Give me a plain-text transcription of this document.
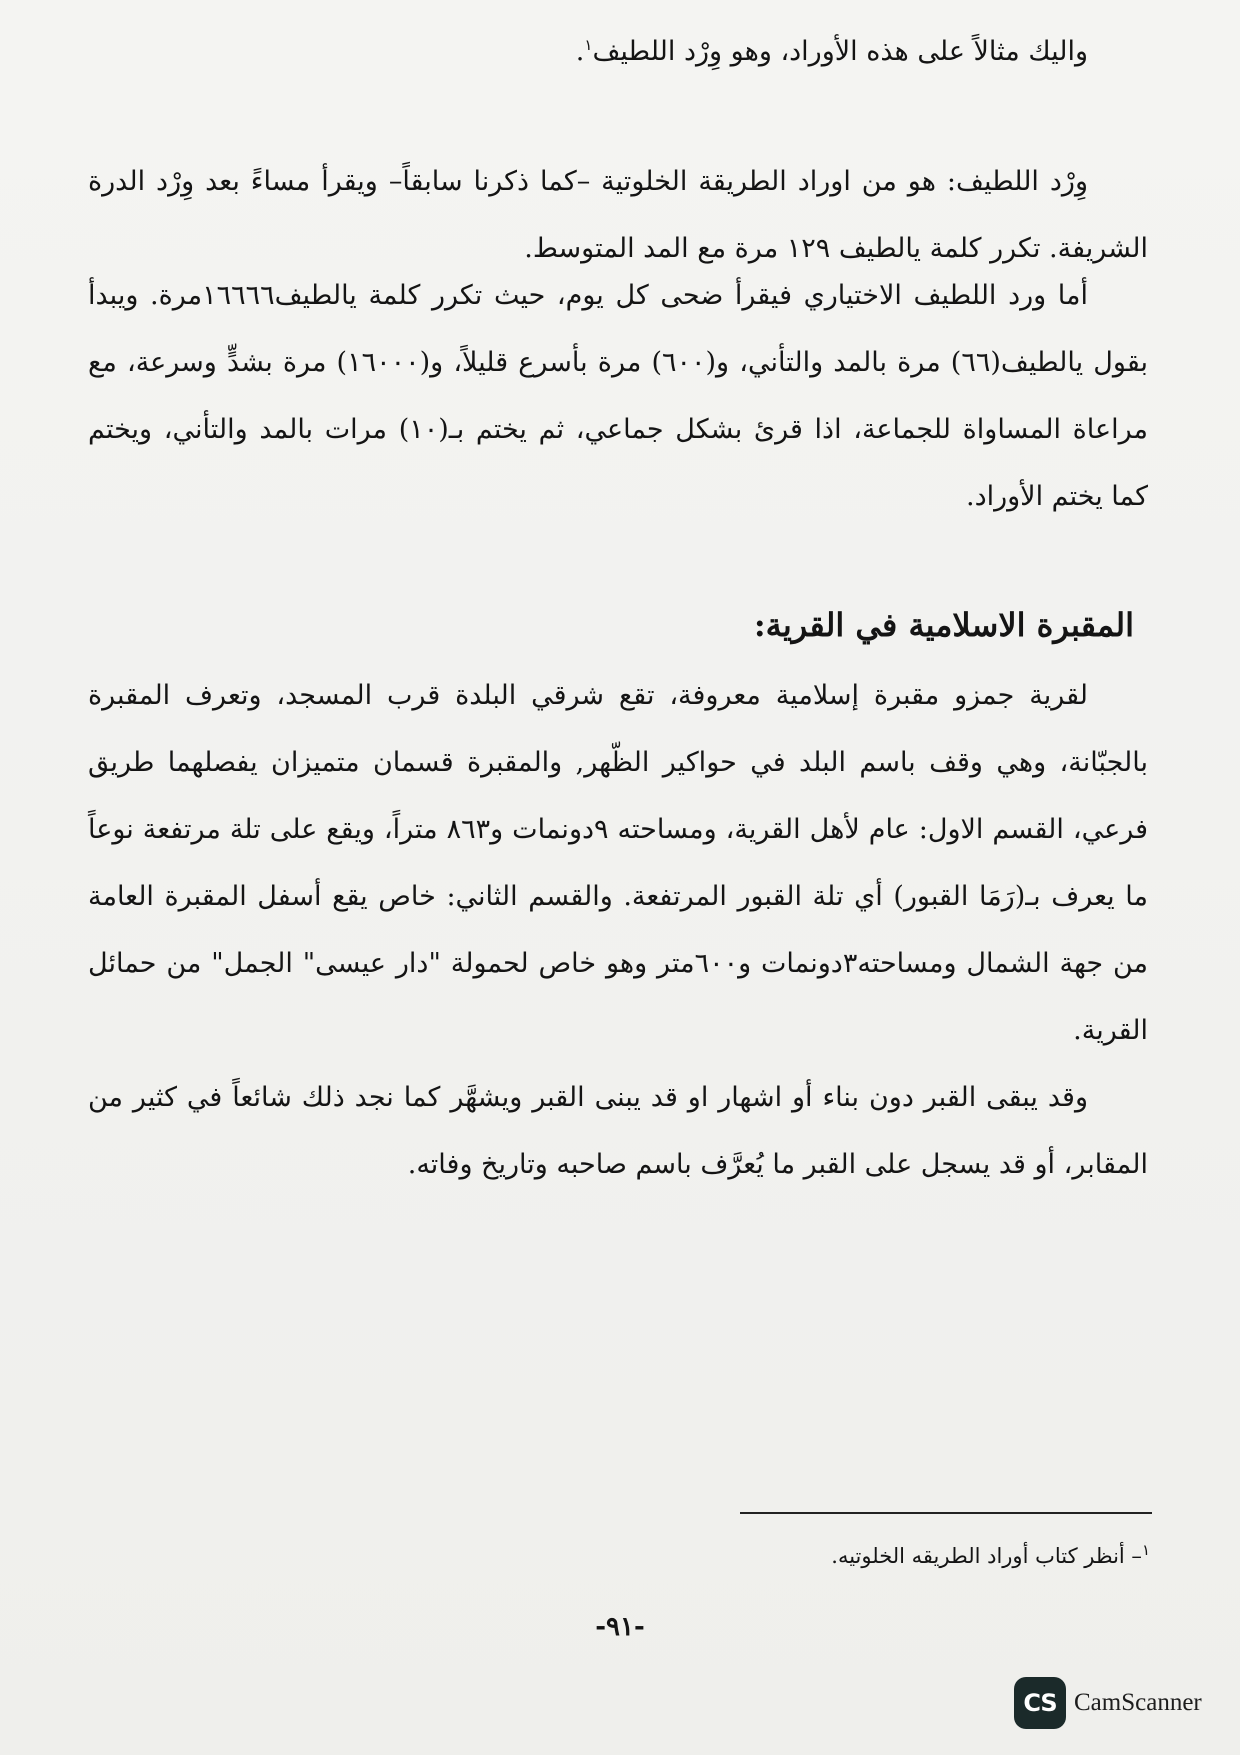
واليك مثالاً على هذه الأوراد، وهو وِرْد اللطيف$^١$.

وِرْد اللطيف: هو من اوراد الطريقة الخلوتية –كما ذكرنا سابقاً– ويقرأ مساءً بعد وِرْد الدرة الشريفة. تكرر كلمة يالطيف ١٢٩ مرة مع المد المتوسط.

أما ورد اللطيف الاختياري فيقرأ ضحى كل يوم، حيث تكرر كلمة يالطيف١٦٦٦٦مرة. ويبدأ بقول يالطيف(٦٦) مرة بالمد والتأني، و(٦٠٠) مرة بأسرع قليلاً، و(١٦٠٠٠) مرة بشدٍّ وسرعة، مع مراعاة المساواة للجماعة، اذا قرئ بشكل جماعي، ثم يختم بـ(١٠) مرات بالمد والتأني، ويختم كما يختم الأوراد.

المقبرة الاسلامية في القرية:

لقرية جمزو مقبرة إسلامية معروفة، تقع شرقي البلدة قرب المسجد، وتعرف المقبرة بالجبّانة، وهي وقف باسم البلد في حواكير الظّهر, والمقبرة قسمان متميزان يفصلهما طريق فرعي، القسم الاول: عام لأهل القرية، ومساحته ٩دونمات و٨٦٣ متراً، ويقع على تلة مرتفعة نوعاً ما يعرف بـ(رَمَا القبور) أي تلة القبور المرتفعة. والقسم الثاني: خاص يقع أسفل المقبرة العامة من جهة الشمال ومساحته٣دونمات و٦٠٠متر وهو خاص لحمولة "دار عيسى" الجمل" من حمائل القرية.

وقد يبقى القبر دون بناء أو اشهار او قد يبنى القبر ويشهَّر كما نجد ذلك شائعاً في كثير من المقابر، أو قد يسجل على القبر ما يُعرَّف باسم صاحبه وتاريخ وفاته.

$^١$– أنظر كتاب أوراد الطريقه الخلوتيه.
-٩١-
CS CamScanner
